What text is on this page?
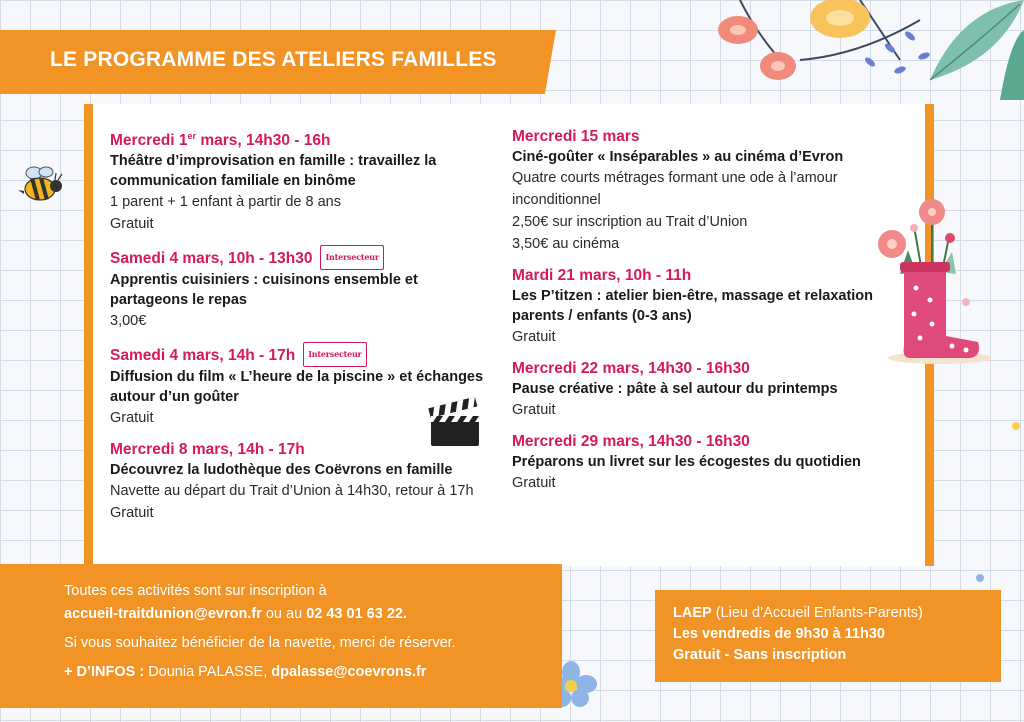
LE PROGRAMME DES ATELIERS FAMILLES
Mercredi 1er mars, 14h30 - 16h
Théâtre d’improvisation en famille : travaillez la communication familiale en binôme
1 parent + 1 enfant à partir de 8 ans
Gratuit
Samedi 4 mars, 10h - 13h30 Intersecteur
Apprentis cuisiniers : cuisinons ensemble et partageons le repas
3,00€
Samedi 4 mars, 14h - 17h Intersecteur
Diffusion du film « L’heure de la piscine » et échanges autour d’un goûter
Gratuit
Mercredi 8 mars, 14h - 17h
Découvrez la ludothèque des Coëvrons en famille
Navette au départ du Trait d’Union à 14h30, retour à 17h
Gratuit
Mercredi 15 mars
Ciné-goûter « Inséparables » au cinéma d’Evron
Quatre courts métrages formant une ode à l’amour inconditionnel
2,50€ sur inscription au Trait d’Union
3,50€ au cinéma
Mardi 21 mars, 10h - 11h
Les P’titzen : atelier bien-être, massage et relaxation parents / enfants (0-3 ans)
Gratuit
Mercredi 22 mars, 14h30 - 16h30
Pause créative : pâte à sel autour du printemps
Gratuit
Mercredi 29 mars, 14h30 - 16h30
Préparons un livret sur les écogestes du quotidien
Gratuit

Toutes ces activités sont sur inscription à
accueil-traitdunion@evron.fr ou au 02 43 01 63 22.

Si vous souhaitez bénéficier de la navette, merci de réserver.

+ D’INFOS : Dounia PALASSE, dpalasse@coevrons.fr

LAEP (Lieu d’Accueil Enfants-Parents)

Les vendredis de 9h30 à 11h30

Gratuit - Sans inscription
